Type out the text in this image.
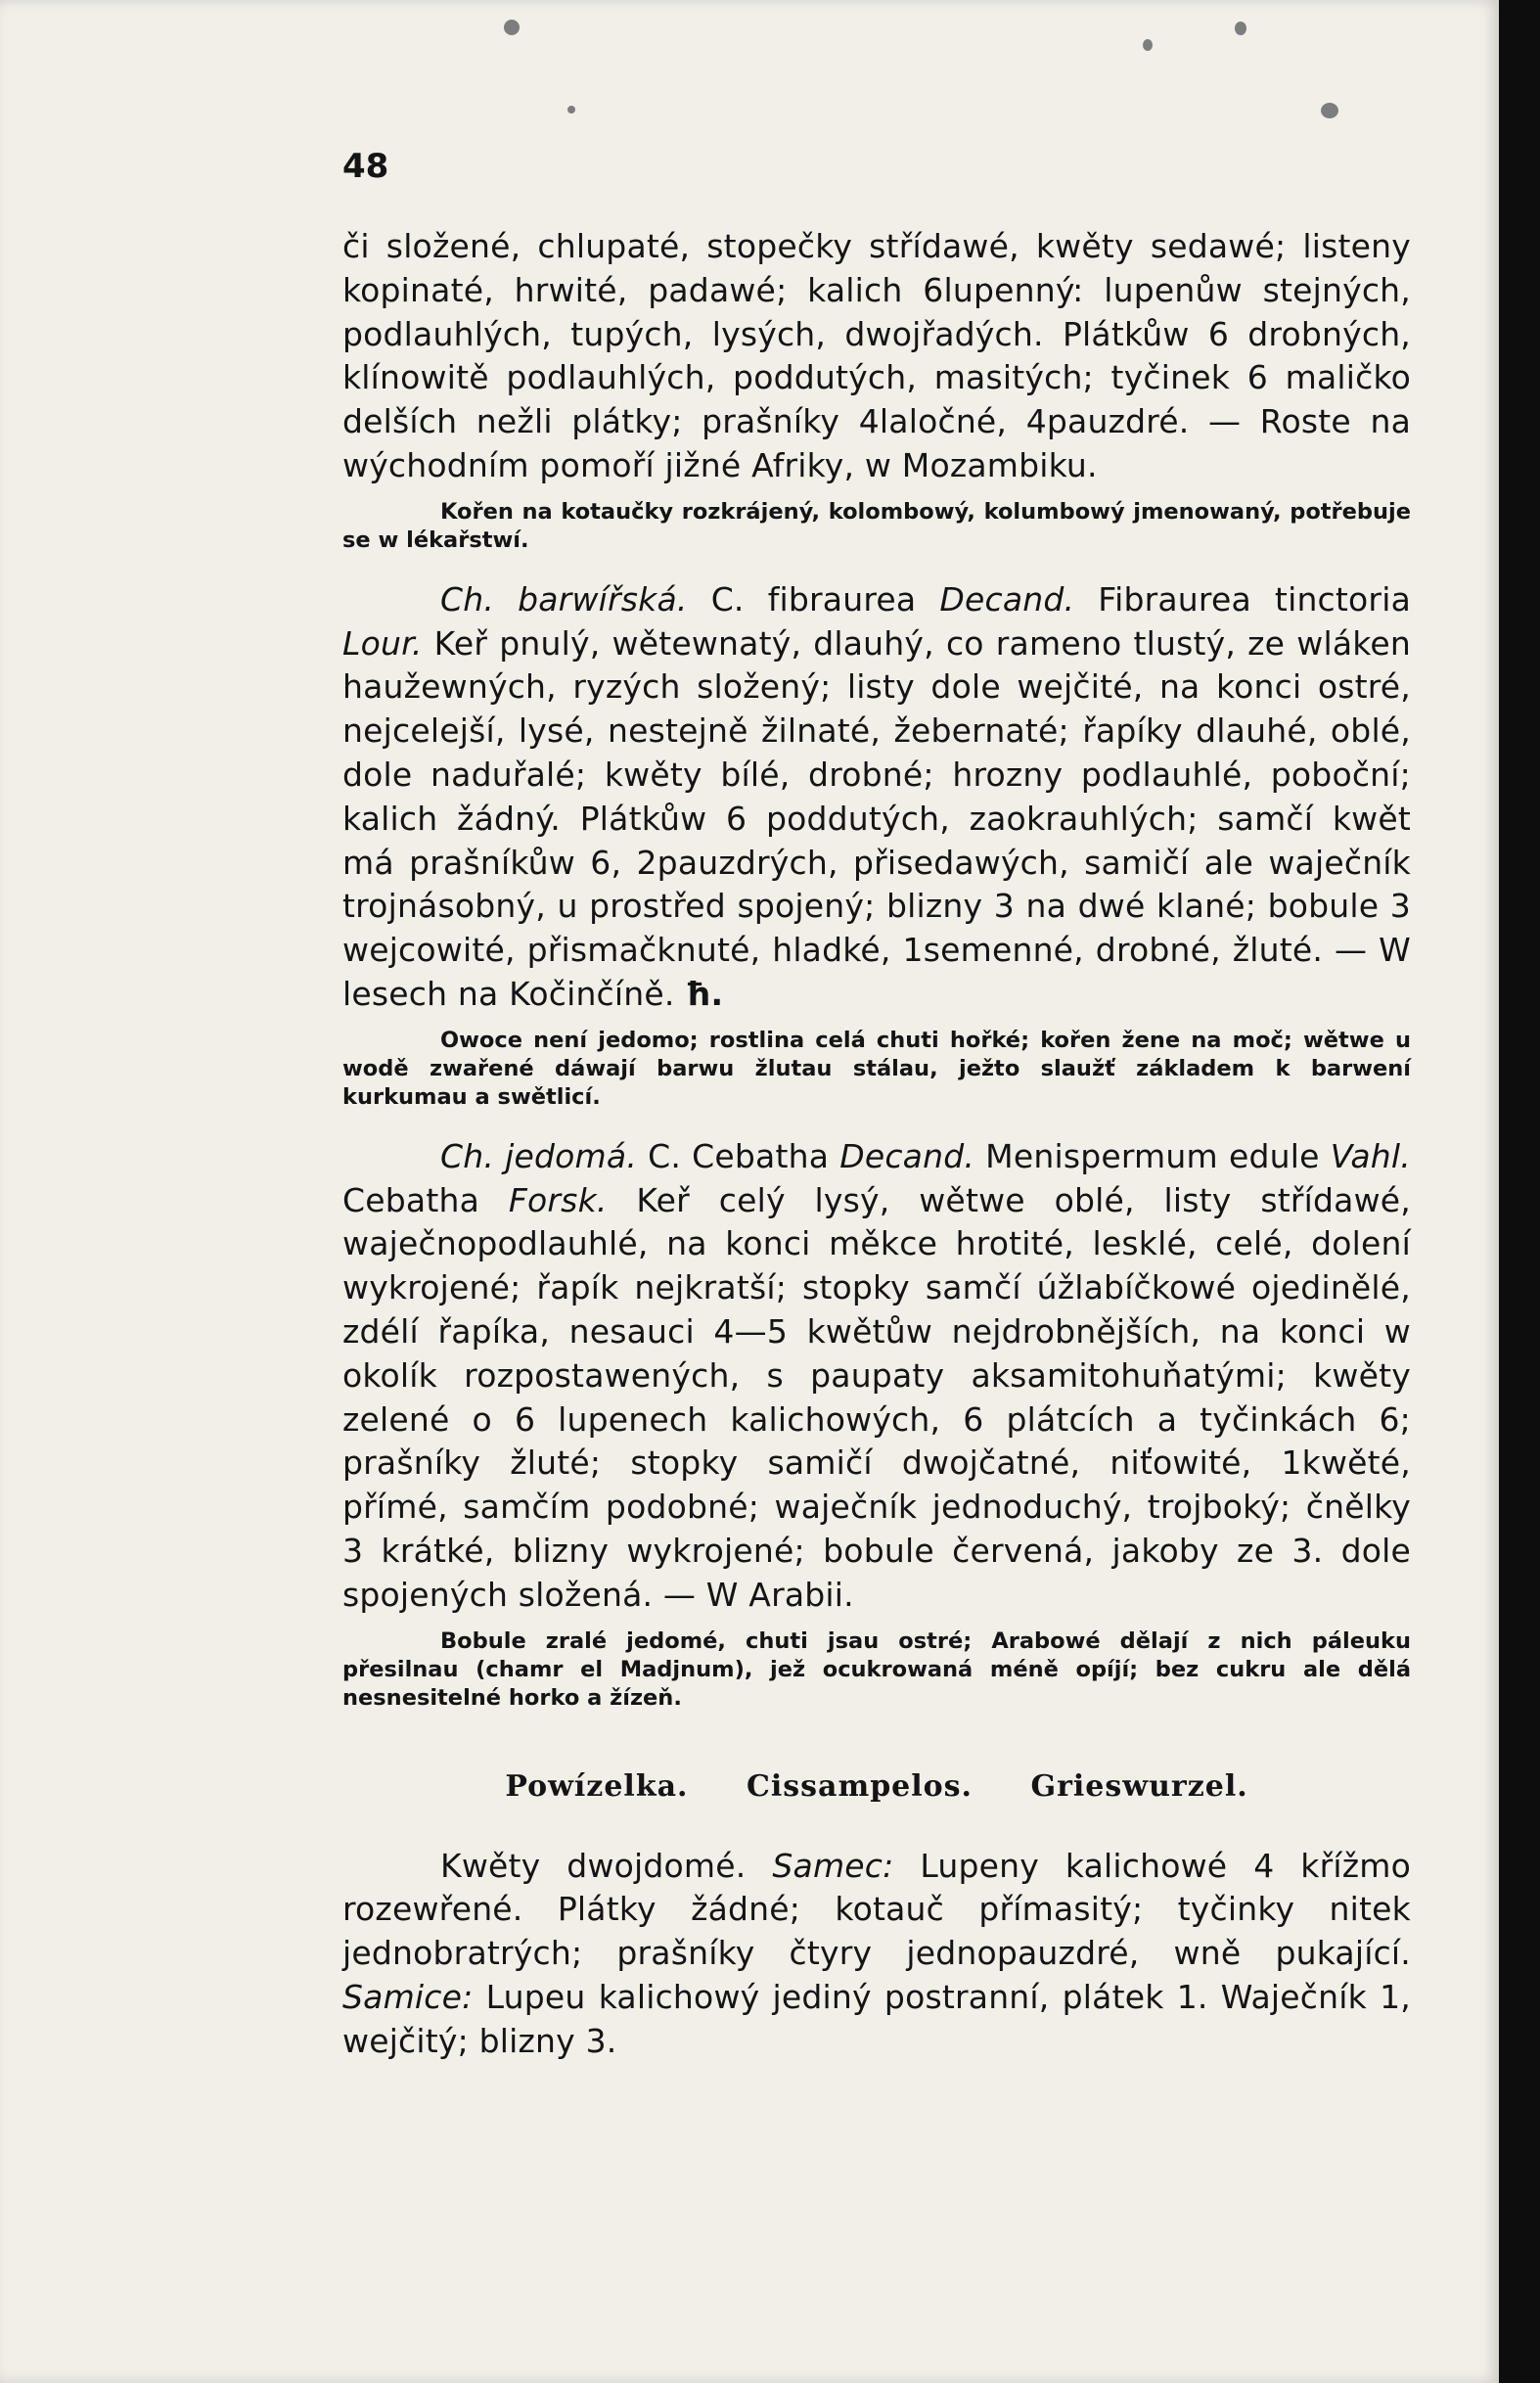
48

či složené, chlupaté, stopečky střídawé, kwěty sedawé; listeny kopinaté, hrwité, padawé; kalich 6lupenný: lupenůw stejných, podlauhlých, tupých, lysých, dwojřadých. Plátkůw 6 drobných, klínowitě podlauhlých, poddutých, masitých; tyčinek 6 maličko delších nežli plátky; prašníky 4laločné, 4pauzdré. — Roste na wýchodním pomoří jižné Afriky, w Mozambiku.

Kořen na kotaučky rozkrájený, kolombowý, kolumbowý jmenowaný, potřebuje se w lékařstwí.

Ch. barwířská. C. fibraurea Decand. Fibraurea tinctoria Lour. Keř pnulý, wětewnatý, dlauhý, co rameno tlustý, ze wláken haužewných, ryzých složený; listy dole wejčité, na konci ostré, nejcelejší, lysé, nestejně žilnaté, žebernaté; řapíky dlauhé, oblé, dole naduřalé; kwěty bílé, drobné; hrozny podlauhlé, poboční; kalich žádný. Plátkůw 6 poddutých, zaokrauhlých; samčí kwět má prašníkůw 6, 2pauzdrých, přisedawých, samičí ale waječník trojnásobný, u prostřed spojený; blizny 3 na dwé klané; bobule 3 wejcowité, přismačknuté, hladké, 1semenné, drobné, žluté. — W lesech na Kočinčíně. ħ.

Owoce není jedomo; rostlina celá chuti hořké; kořen žene na moč; wětwe u wodě zwařené dáwají barwu žlutau stálau, ježto slaužť základem k barwení kurkumau a swětlicí.

Ch. jedomá. C. Cebatha Decand. Menispermum edule Vahl. Cebatha Forsk. Keř celý lysý, wětwe oblé, listy střídawé, waječnopodlauhlé, na konci měkce hrotité, lesklé, celé, dolení wykrojené; řapík nejkratší; stopky samčí úžlabíčkowé ojedinělé, zdélí řapíka, nesauci 4—5 kwětůw nejdrobnějších, na konci w okolík rozpostawených, s paupaty aksamitohuňatými; kwěty zelené o 6 lupenech kalichowých, 6 plátcích a tyčinkách 6; prašníky žluté; stopky samičí dwojčatné, niťowité, 1kwěté, přímé, samčím podobné; waječník jednoduchý, trojboký; čnělky 3 krátké, blizny wykrojené; bobule červená, jakoby ze 3. dole spojených složená. — W Arabii.

Bobule zralé jedomé, chuti jsau ostré; Arabowé dělají z nich páleuku přesilnau (chamr el Madjnum), jež ocukrowaná méně opíjí; bez cukru ale dělá nesnesitelné horko a žízeň.

Powízelka. Cissampelos. Grieswurzel.

Kwěty dwojdomé. Samec: Lupeny kalichowé 4 křížmo rozewřené. Plátky žádné; kotauč přímasitý; tyčinky nitek jednobratrých; prašníky čtyry jednopauzdré, wně pukající. Samice: Lupeu kalichowý jediný postranní, plátek 1. Waječník 1, wejčitý; blizny 3.
